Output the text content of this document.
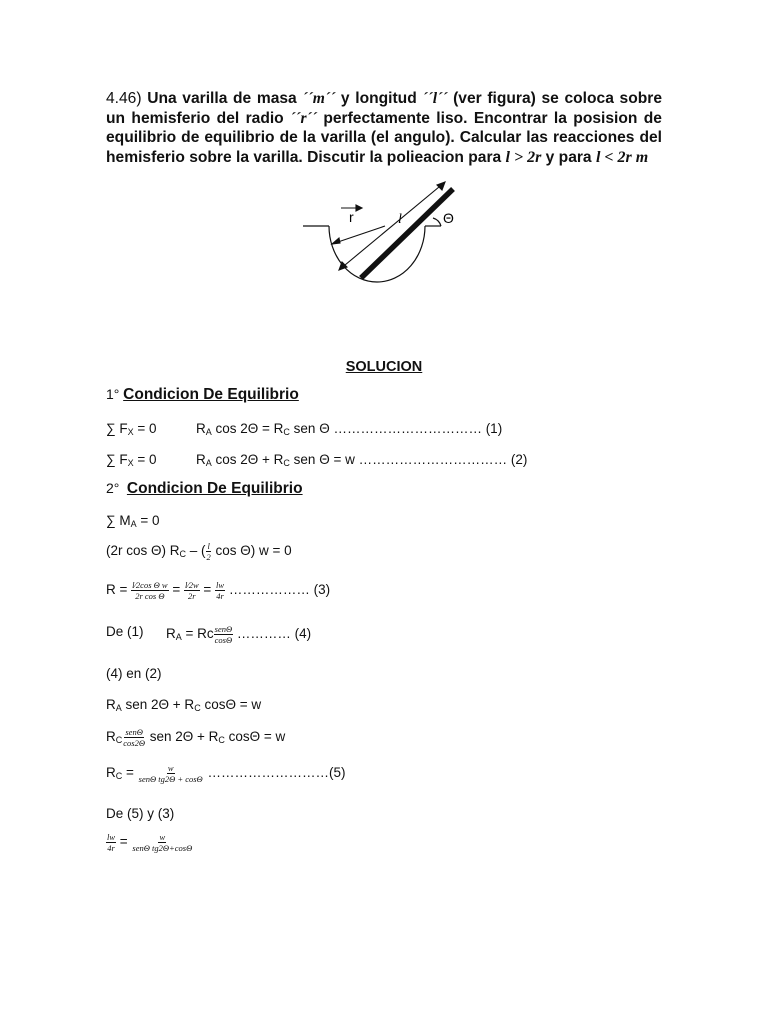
4.46) Una varilla de masa ´´m´´ y longitud ´´l´´ (ver figura) se coloca sobre un hemisferio del radio ´´r´´ perfectamente liso. Encontrar la posision de equilibrio de equilibrio de la varilla (el angulo). Calcular las reacciones del hemisferio sobre la varilla. Discutir la polieacion para l > 2r y para l < 2r m
r	l	Θ
SOLUCION
1° Condicion De Equilibrio
∑ $F_X = 0$	$R_A$ $\cos 2\Theta = R_C$ sen Θ …………………………… (1)
∑ $F_X = 0$	$R_A$ $\cos 2\Theta + R_C$ sen Θ = w …………………………… (2)
2° Condicion De Equilibrio
∑ $M_A = 0$
(2r cos Θ) $R_C$ – ( $\frac{l}{2}$ cos Θ) w = 0
$R = \frac{\text{l⁄2cos Θ w}}{\text{2r cos Θ}} = \frac{l⁄2w}{2r} = \frac{lw}{4r}$ ……………… (3)
De (1) $R_A = Rc \frac{\text{senΘ}}{\cos\Theta}$ ………… (4)
(4) en (2)
$R_A$ sen $2\Theta + R_C$ cosΘ = w
$R_C \frac{\text{senΘ}}{\cos 2\Theta}$ sen $2\Theta + R_C$ cosΘ = w
$R_C = \frac{w}{\text{senΘ tg2Θ + cosΘ}}$ ………………………(5)
De (5) y (3)
$\frac{lw}{4r} = \frac{w}{\text{senΘ tg2Θ+cosΘ}}$
